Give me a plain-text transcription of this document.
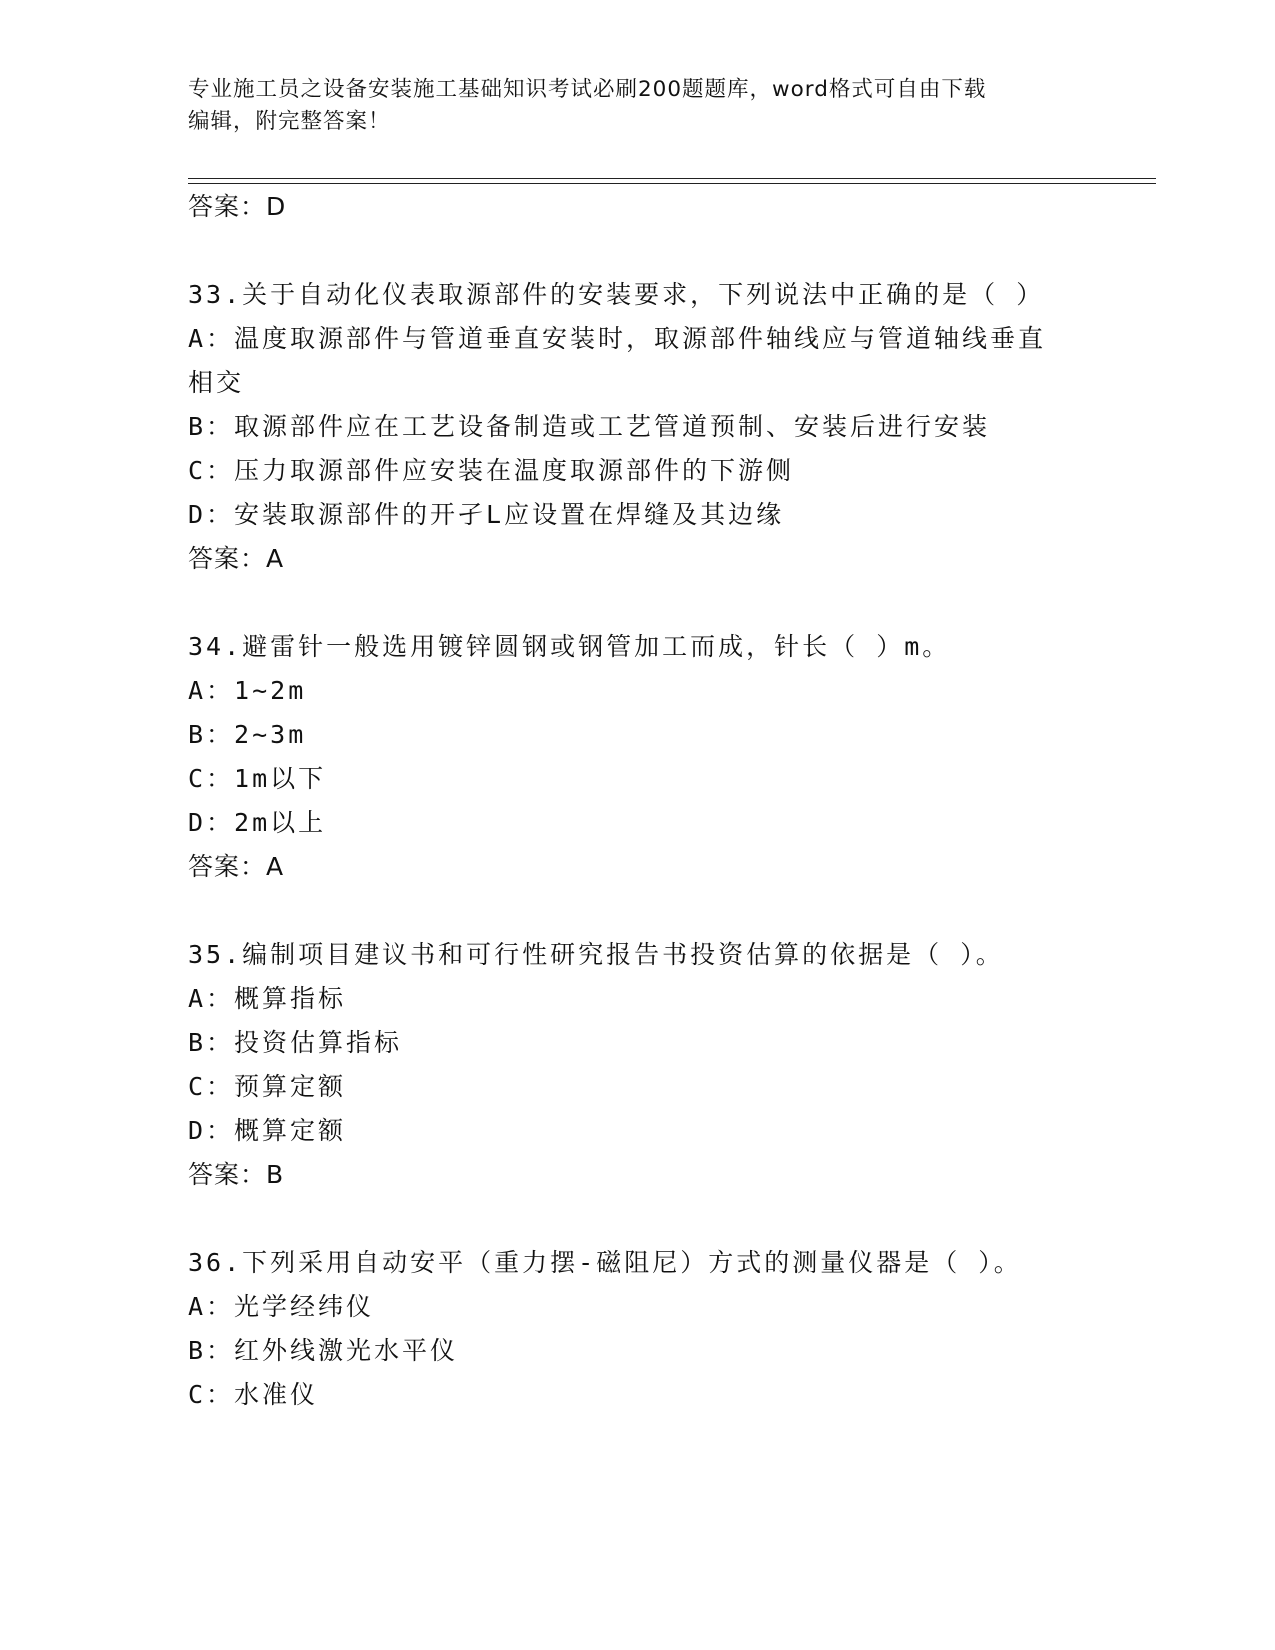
专业施工员之设备安装施工基础知识考试必刷200题题库，word格式可自由下载
编辑，附完整答案！
答案：D
33.关于自动化仪表取源部件的安装要求，下列说法中正确的是（ ）
A：温度取源部件与管道垂直安装时，取源部件轴线应与管道轴线垂直
相交
B：取源部件应在工艺设备制造或工艺管道预制、安装后进行安装
C：压力取源部件应安装在温度取源部件的下游侧
D：安装取源部件的开孑L应设置在焊缝及其边缘
答案：A
34.避雷针一般选用镀锌圆钢或钢管加工而成，针长（ ）m。
A：1~2m
B：2~3m
C：1m以下
D：2m以上
答案：A
35.编制项目建议书和可行性研究报告书投资估算的依据是（ ）。
A：概算指标
B：投资估算指标
C：预算定额
D：概算定额
答案：B
36.下列采用自动安平（重力摆-磁阻尼）方式的测量仪器是（ ）。
A：光学经纬仪
B：红外线激光水平仪
C：水准仪
